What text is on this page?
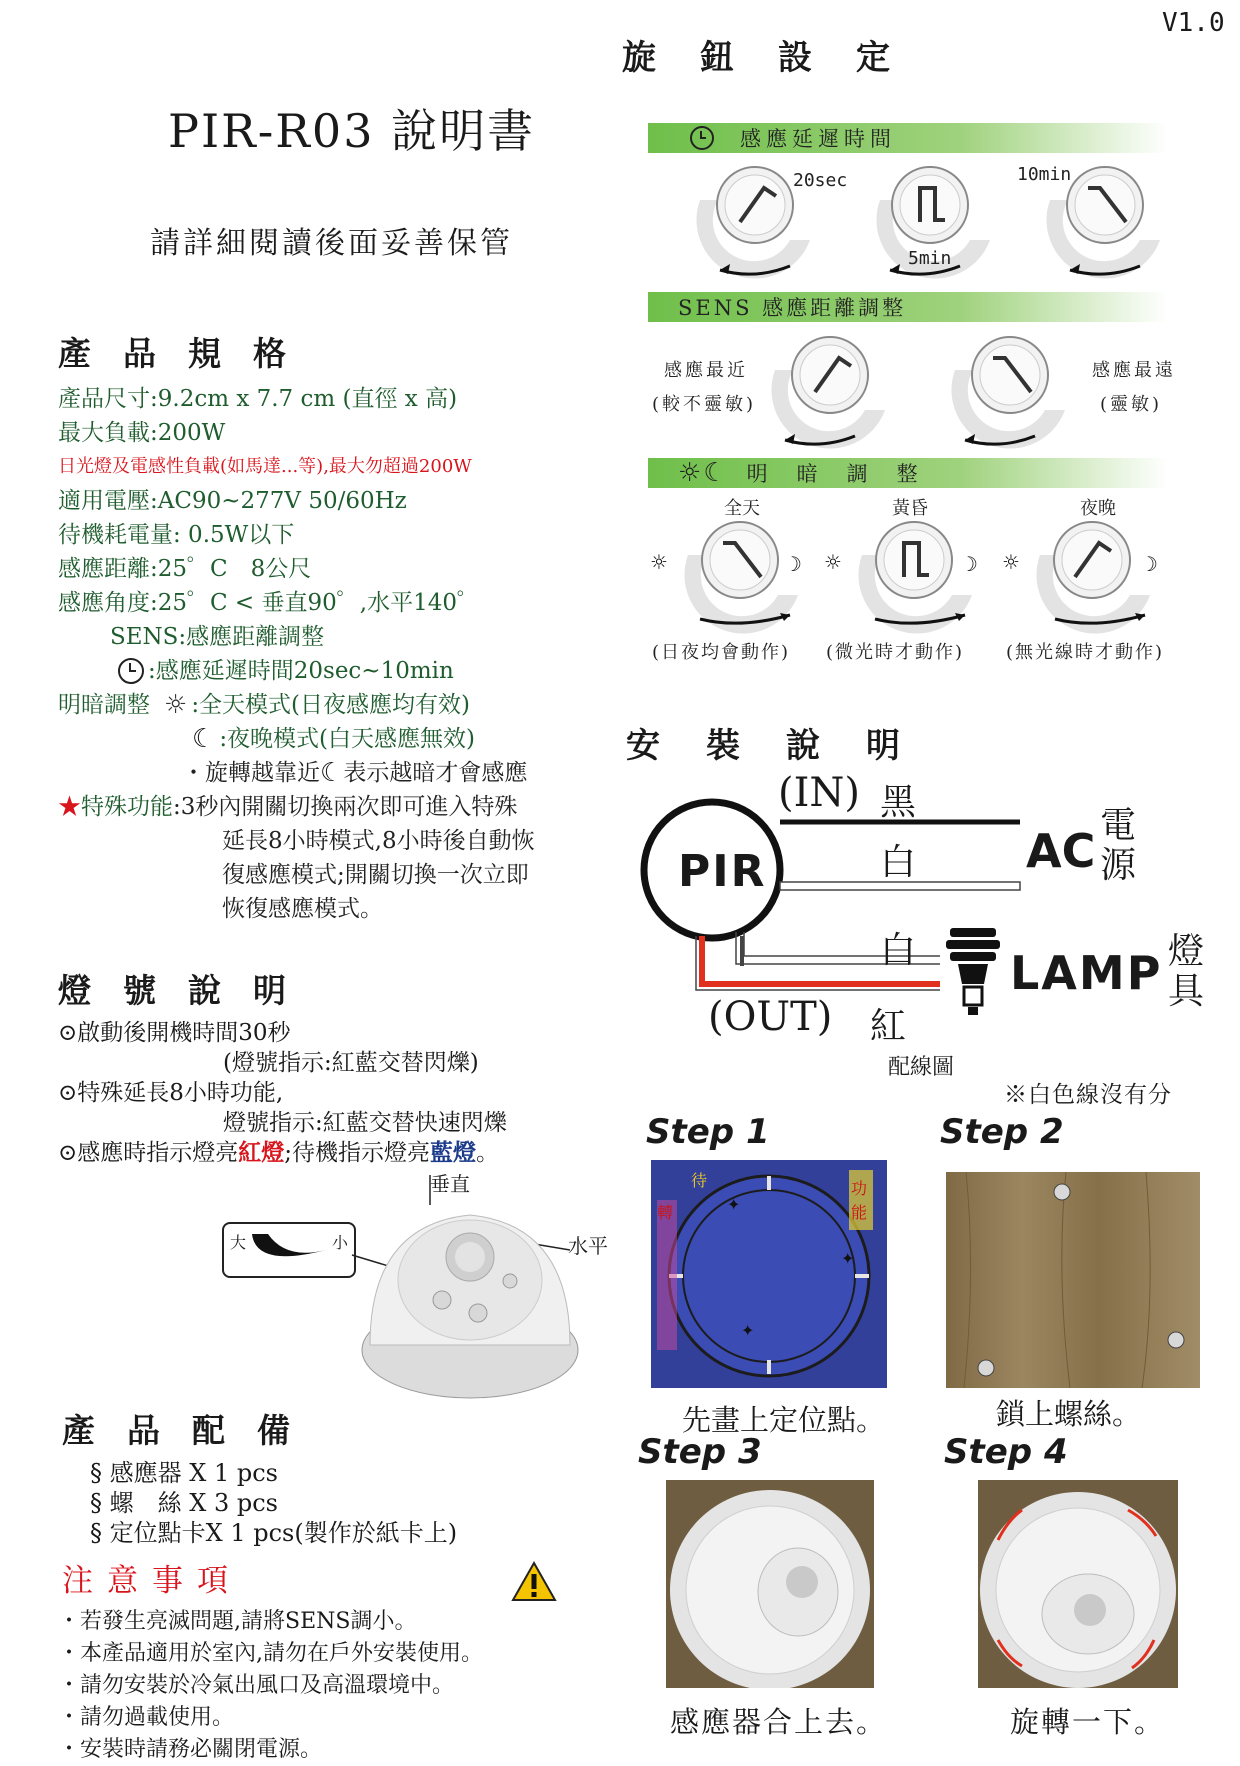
V1.0
PIR-R03 說明書
請詳細閱讀後面妥善保管
產品規格
產品尺寸:9.2cm x 7.7 cm (直徑 x 高)
最大負載:200W
日光燈及電感性負載(如馬達...等),最大勿超過200W
適用電壓:AC90~277V 50/60Hz
待機耗電量: 0.5W以下
感應距離:25゜C　8公尺
感應角度:25゜C < 垂直90゜,水平140゜
SENS:感應距離調整
:感應延遲時間20sec~10min
明暗調整 ☼ :全天模式(日夜感應均有效)
☾ :夜晚模式(白天感應無效)
・旋轉越靠近 ☾ 表示越暗才會感應
★特殊功能 :3秒內開關切換兩次即可進入特殊
延長8小時模式,8小時後自動恢
復感應模式;開關切換一次立即
恢復感應模式。
燈號說明
⊙啟動後開機時間30秒
(燈號指示:紅藍交替閃爍)
⊙特殊延長8小時功能,
燈號指示:紅藍交替快速閃爍
⊙感應時指示燈亮紅燈;待機指示燈亮藍燈。
垂直
水平
大	小
產品配備
§ 感應器 X 1 pcs
§ 螺　絲 X 3 pcs
§ 定位點卡X 1 pcs(製作於紙卡上)
注意事項
・若發生亮滅問題,請將SENS調小。
・本產品適用於室內,請勿在戶外安裝使用。
・請勿安裝於冷氣出風口及高溫環境中。
・請勿過載使用。
・安裝時請務必關閉電源。
旋鈕設定
感應延遲時間
20sec	10min
5min
SENS 感應距離調整
感應最近
(較不靈敏)
感應最遠
(靈敏)
☼ ☾ 明　暗　調　整
全天	黃昏	夜晚
☼	☽ ☼	☽ ☼	☽
(日夜均會動作) (微光時才動作) (無光線時才動作)
安裝說明
PIR
(IN) 黑
白
白
(OUT) 紅
AC 電源
LAMP 燈具
配線圖
※白色線沒有分
Step 1	Step 2
✦
✦
✦
待	功
能
轉
先畫上定位點。	鎖上螺絲。
Step 3	Step 4
感應器合上去。	旋轉一下。
